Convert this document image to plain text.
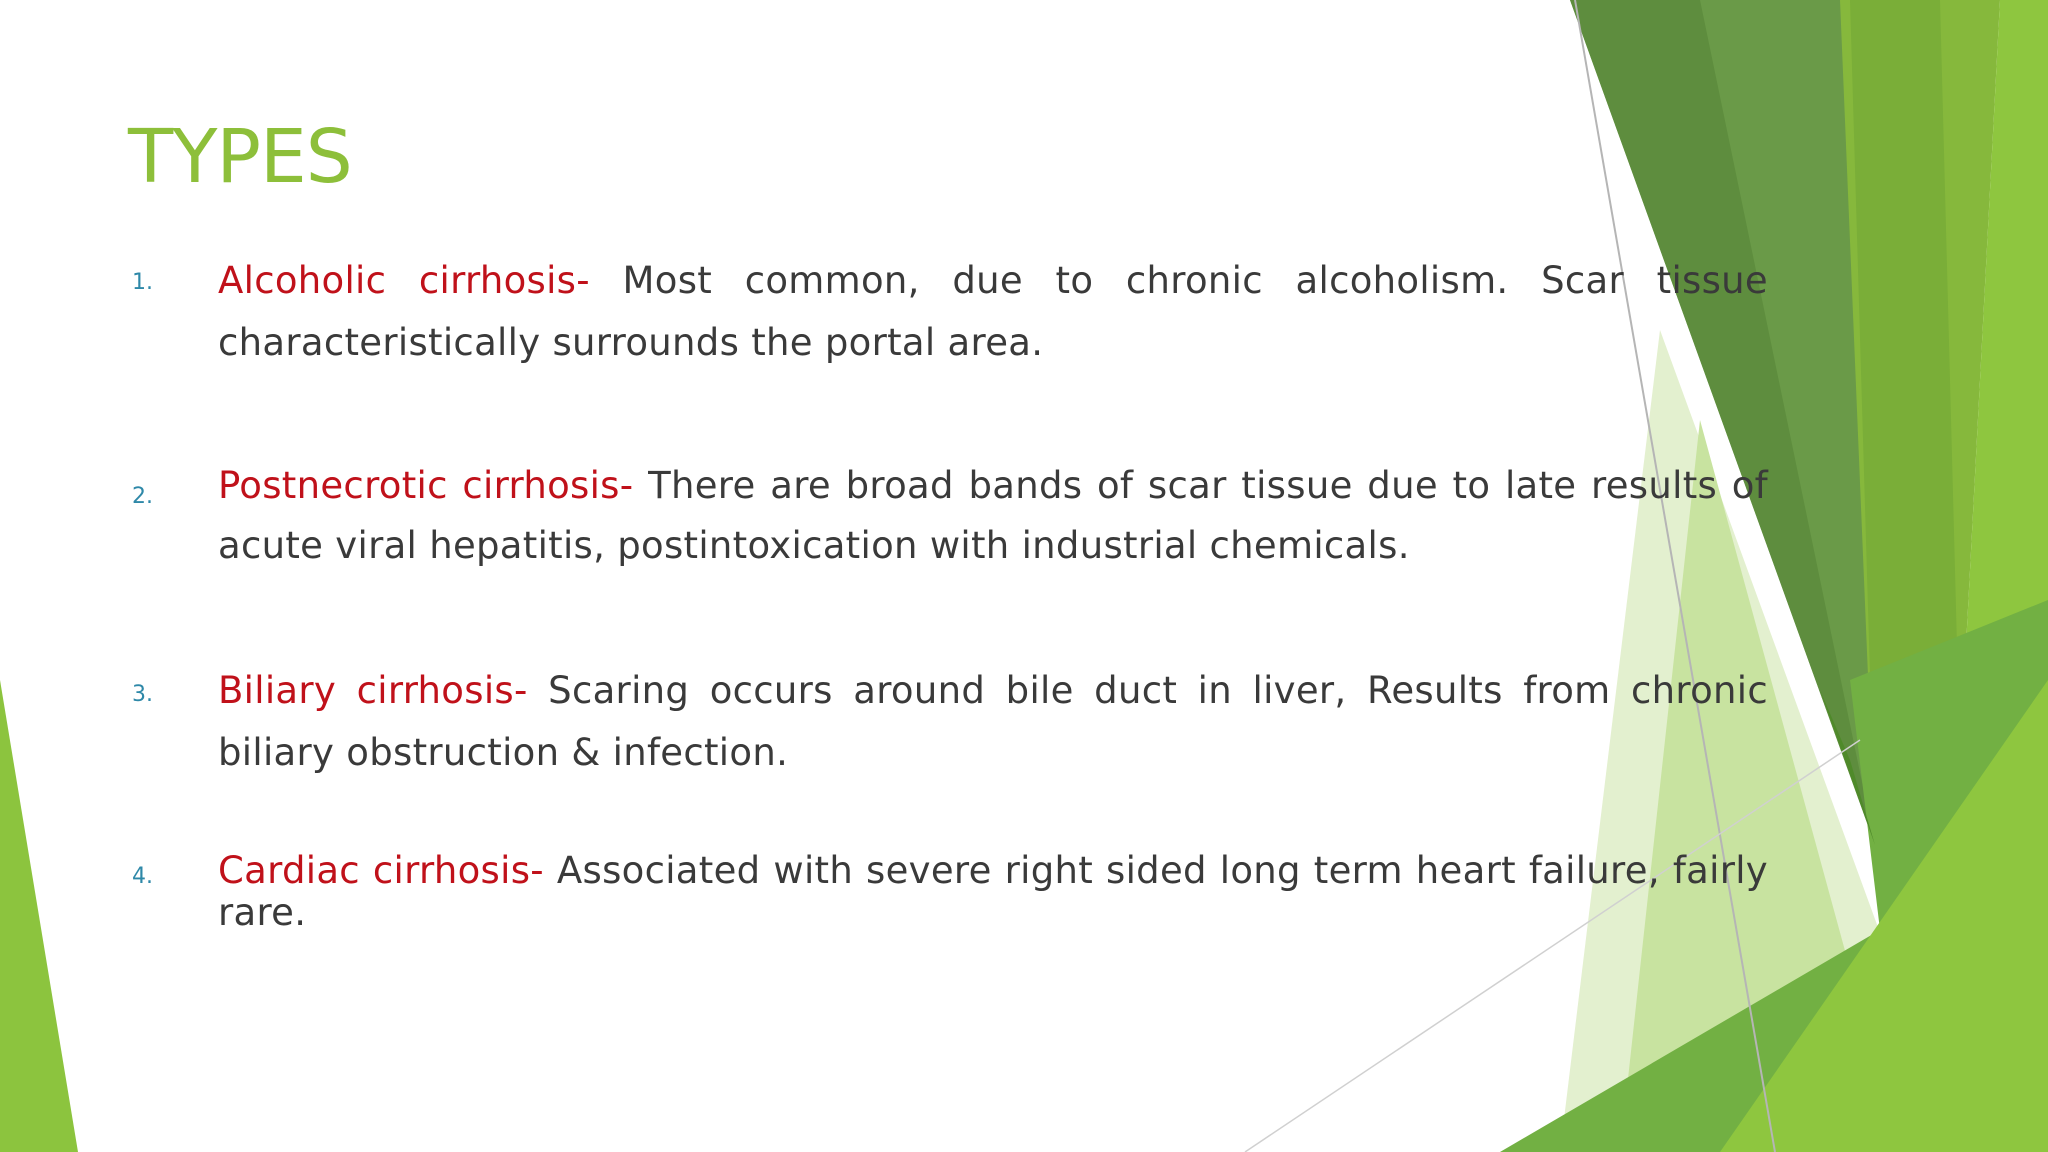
TYPES
1. Alcoholic cirrhosis- Most common, due to chronic alcoholism. Scar tissue characteristically surrounds the portal area.
2. Postnecrotic cirrhosis- There are broad bands of scar tissue due to late results of acute viral hepatitis, postintoxication with industrial chemicals.
3. Biliary cirrhosis- Scaring occurs around bile duct in liver, Results from chronic biliary obstruction & infection.
4. Cardiac cirrhosis- Associated with severe right sided long term heart failure, fairly rare.
